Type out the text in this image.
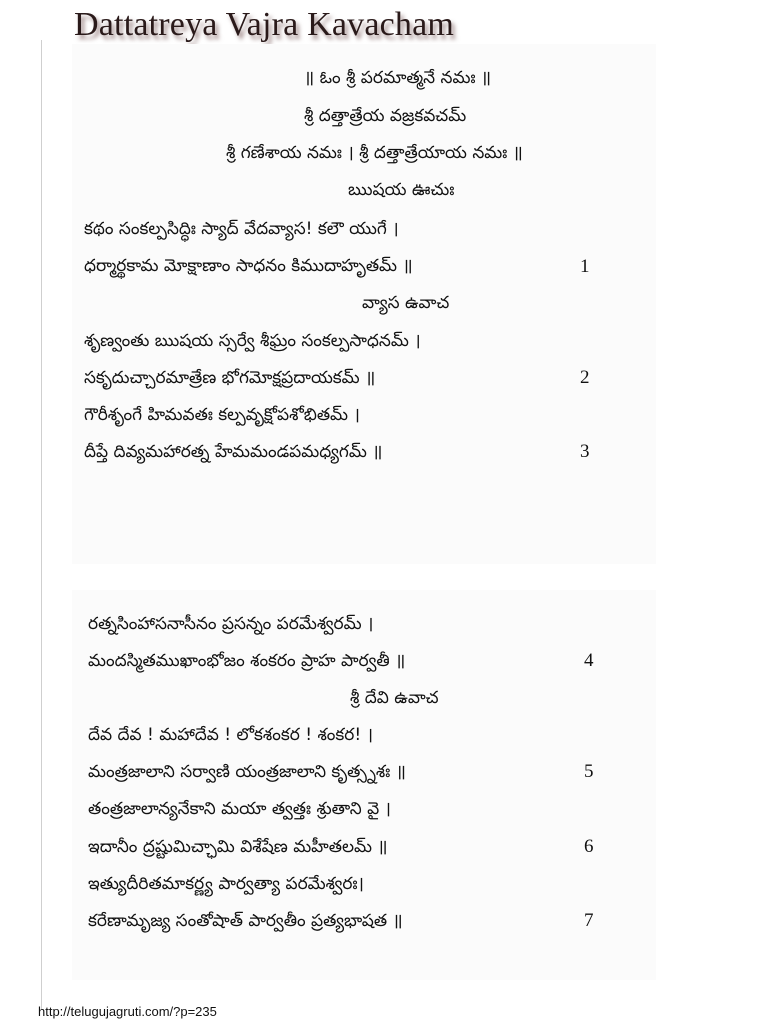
Dattatreya Vajra Kavacham
॥ ఓం శ్రీ పరమాత్మనే నమః ॥
శ్రీ దత్తాత్రేయ వజ్రకవచమ్
శ్రీ గణేశాయ నమః । శ్రీ దత్తాత్రేయాయ నమః ॥
ఋషయ ఊచుః
కథం సంకల్పసిద్ధిః స్యాద్ వేదవ్యాస! కలౌ యుగే ।
ధర్మార్థకామ మోక్షాణాం సాధనం కిముదాహృతమ్ ॥	1
వ్యాస ఉవాచ
శృణ్వంతు ఋషయ స్సర్వే శీఘ్రం సంకల్పసాధనమ్ ।
సకృదుచ్చారమాత్రేణ భోగమోక్షప్రదాయకమ్ ॥	2
గౌరీశృంగే హిమవతః కల్పవృక్షోపశోభితమ్ ।
దీప్తే దివ్యమహారత్న హేమమండపమధ్యగమ్ ॥	3
రత్నసింహాసనాసీనం ప్రసన్నం పరమేశ్వరమ్ ।
మందస్మితముఖాంభోజం శంకరం ప్రాహ పార్వతీ ॥	4
శ్రీ దేవి ఉవాచ
దేవ దేవ ! మహాదేవ ! లోకశంకర ! శంకర! ।
మంత్రజాలాని సర్వాణి యంత్రజాలాని కృత్స్నశః ॥	5
తంత్రజాలాన్యనేకాని మయా త్వత్తః శ్రుతాని వై ।
ఇదానీం ద్రష్టుమిచ్ఛామి విశేషేణ మహీతలమ్ ॥	6
ఇత్యుదీరితమాకర్ణ్య పార్వత్యా పరమేశ్వరః।
కరేణామృజ్య సంతోషాత్ పార్వతీం ప్రత్యభాషత ॥	7
http://telugujagruti.com/?p=235
